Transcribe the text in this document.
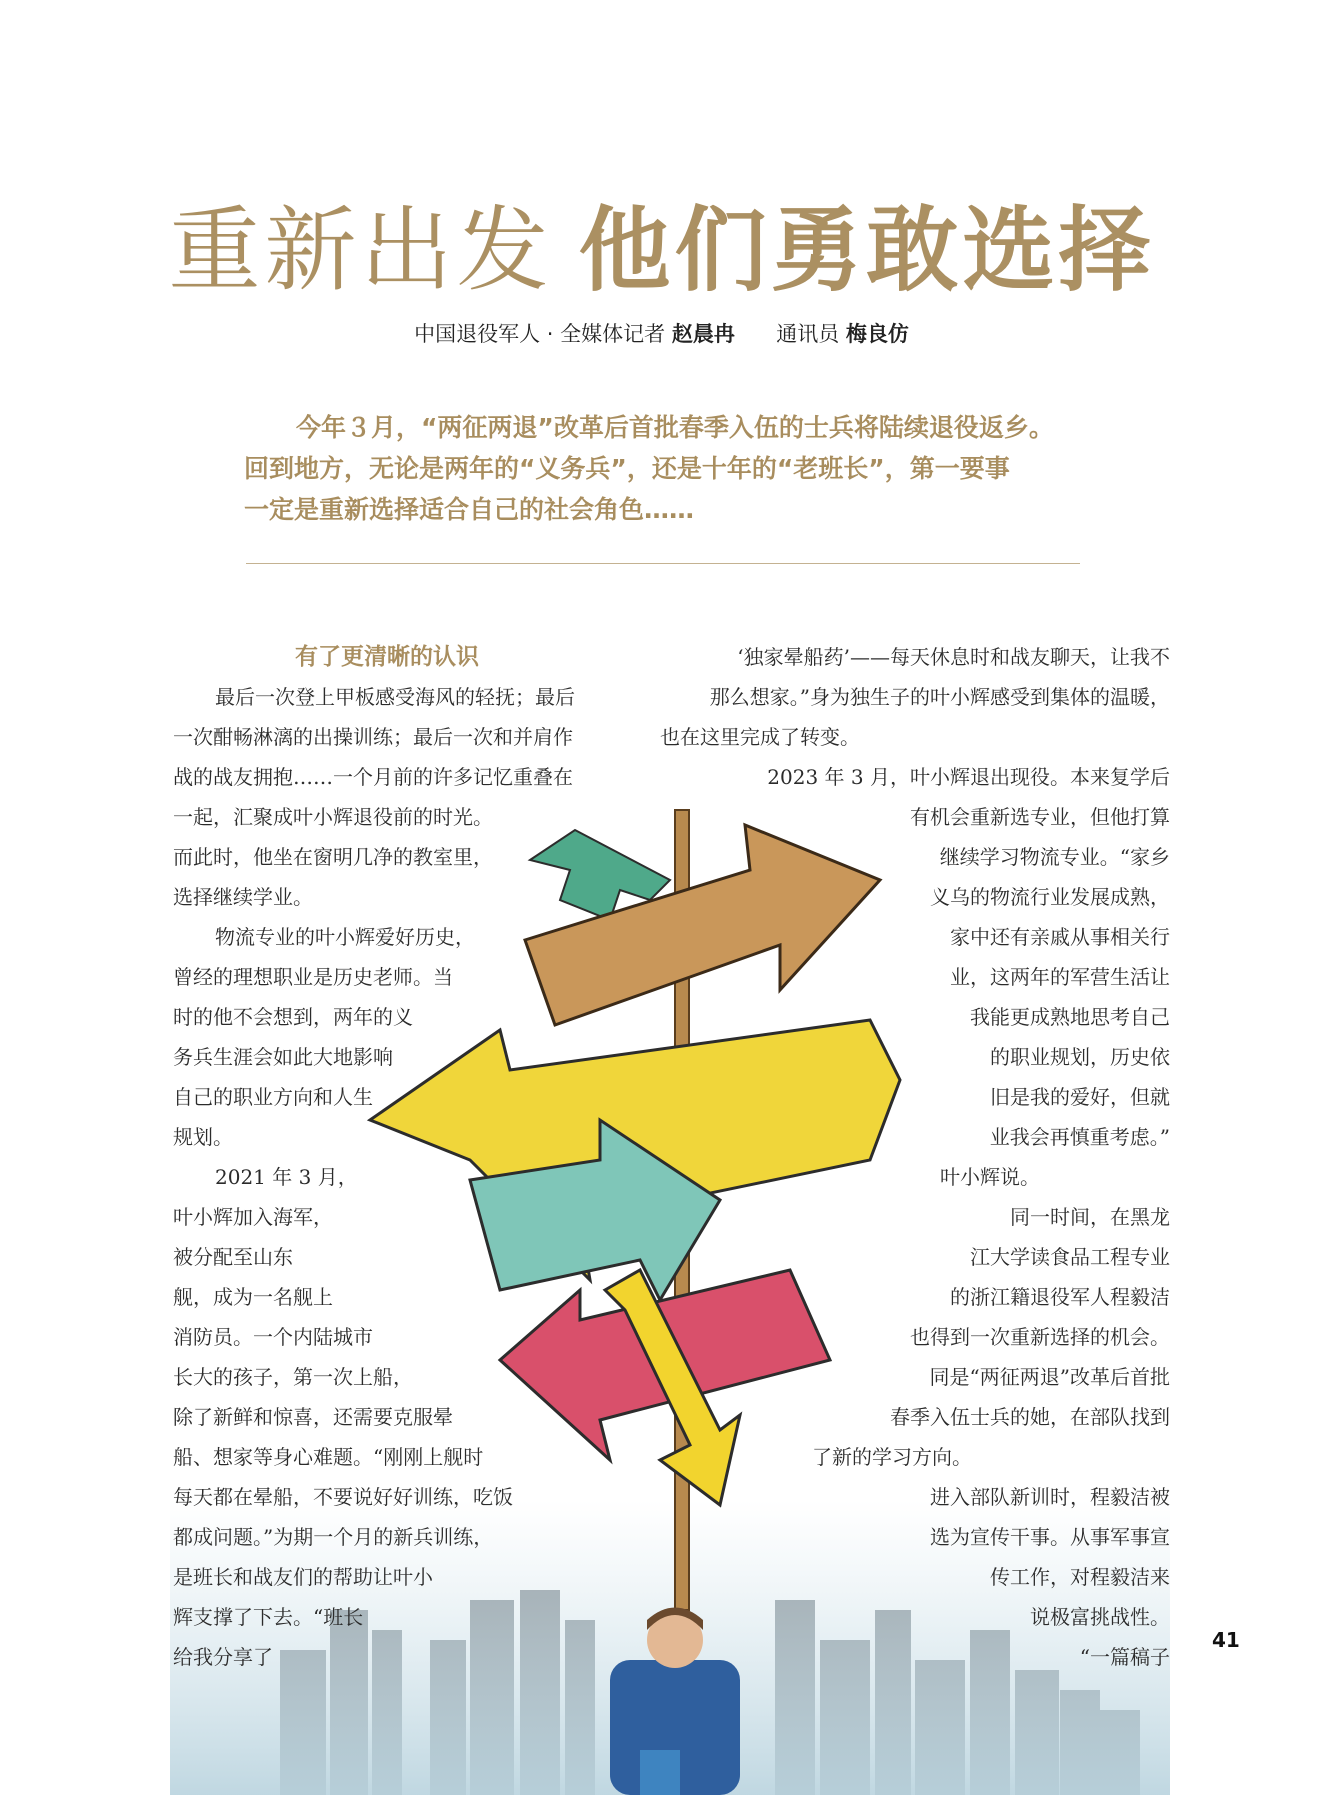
重新出发 他们勇敢选择
中国退役军人 · 全媒体记者 赵晨冉 通讯员 梅良仿
今年３月，“两征两退”改革后首批春季入伍的士兵将陆续退役返乡。
回到地方，无论是两年的“义务兵”，还是十年的“老班长”，第一要事
一定是重新选择适合自己的社会角色……
有了更清晰的认识
最后一次登上甲板感受海风的轻抚；最后
一次酣畅淋漓的出操训练；最后一次和并肩作
战的战友拥抱……一个月前的许多记忆重叠在
一起，汇聚成叶小辉退役前的时光。
而此时，他坐在窗明几净的教室里，
选择继续学业。
物流专业的叶小辉爱好历史，
曾经的理想职业是历史老师。当
时的他不会想到，两年的义
务兵生涯会如此大地影响
自己的职业方向和人生
规划。
2021 年 3 月，
叶小辉加入海军，
被分配至山东
舰，成为一名舰上
消防员。一个内陆城市
长大的孩子，第一次上船，
除了新鲜和惊喜，还需要克服晕
船、想家等身心难题。“刚刚上舰时
每天都在晕船，不要说好好训练，吃饭
都成问题。”为期一个月的新兵训练，
是班长和战友们的帮助让叶小
辉支撑了下去。“班长
给我分享了
‘独家晕船药’——每天休息时和战友聊天，让我不
那么想家。”身为独生子的叶小辉感受到集体的温暖，
也在这里完成了转变。
2023 年 3 月，叶小辉退出现役。本来复学后
有机会重新选专业，但他打算
继续学习物流专业。“家乡
义乌的物流行业发展成熟，
家中还有亲戚从事相关行
业，这两年的军营生活让
我能更成熟地思考自己
的职业规划，历史依
旧是我的爱好，但就
业我会再慎重考虑。”
叶小辉说。
同一时间，在黑龙
江大学读食品工程专业
的浙江籍退役军人程毅洁
也得到一次重新选择的机会。
同是“两征两退”改革后首批
春季入伍士兵的她，在部队找到
了新的学习方向。
进入部队新训时，程毅洁被
选为宣传干事。从事军事宣
传工作，对程毅洁来
说极富挑战性。
“一篇稿子
41
